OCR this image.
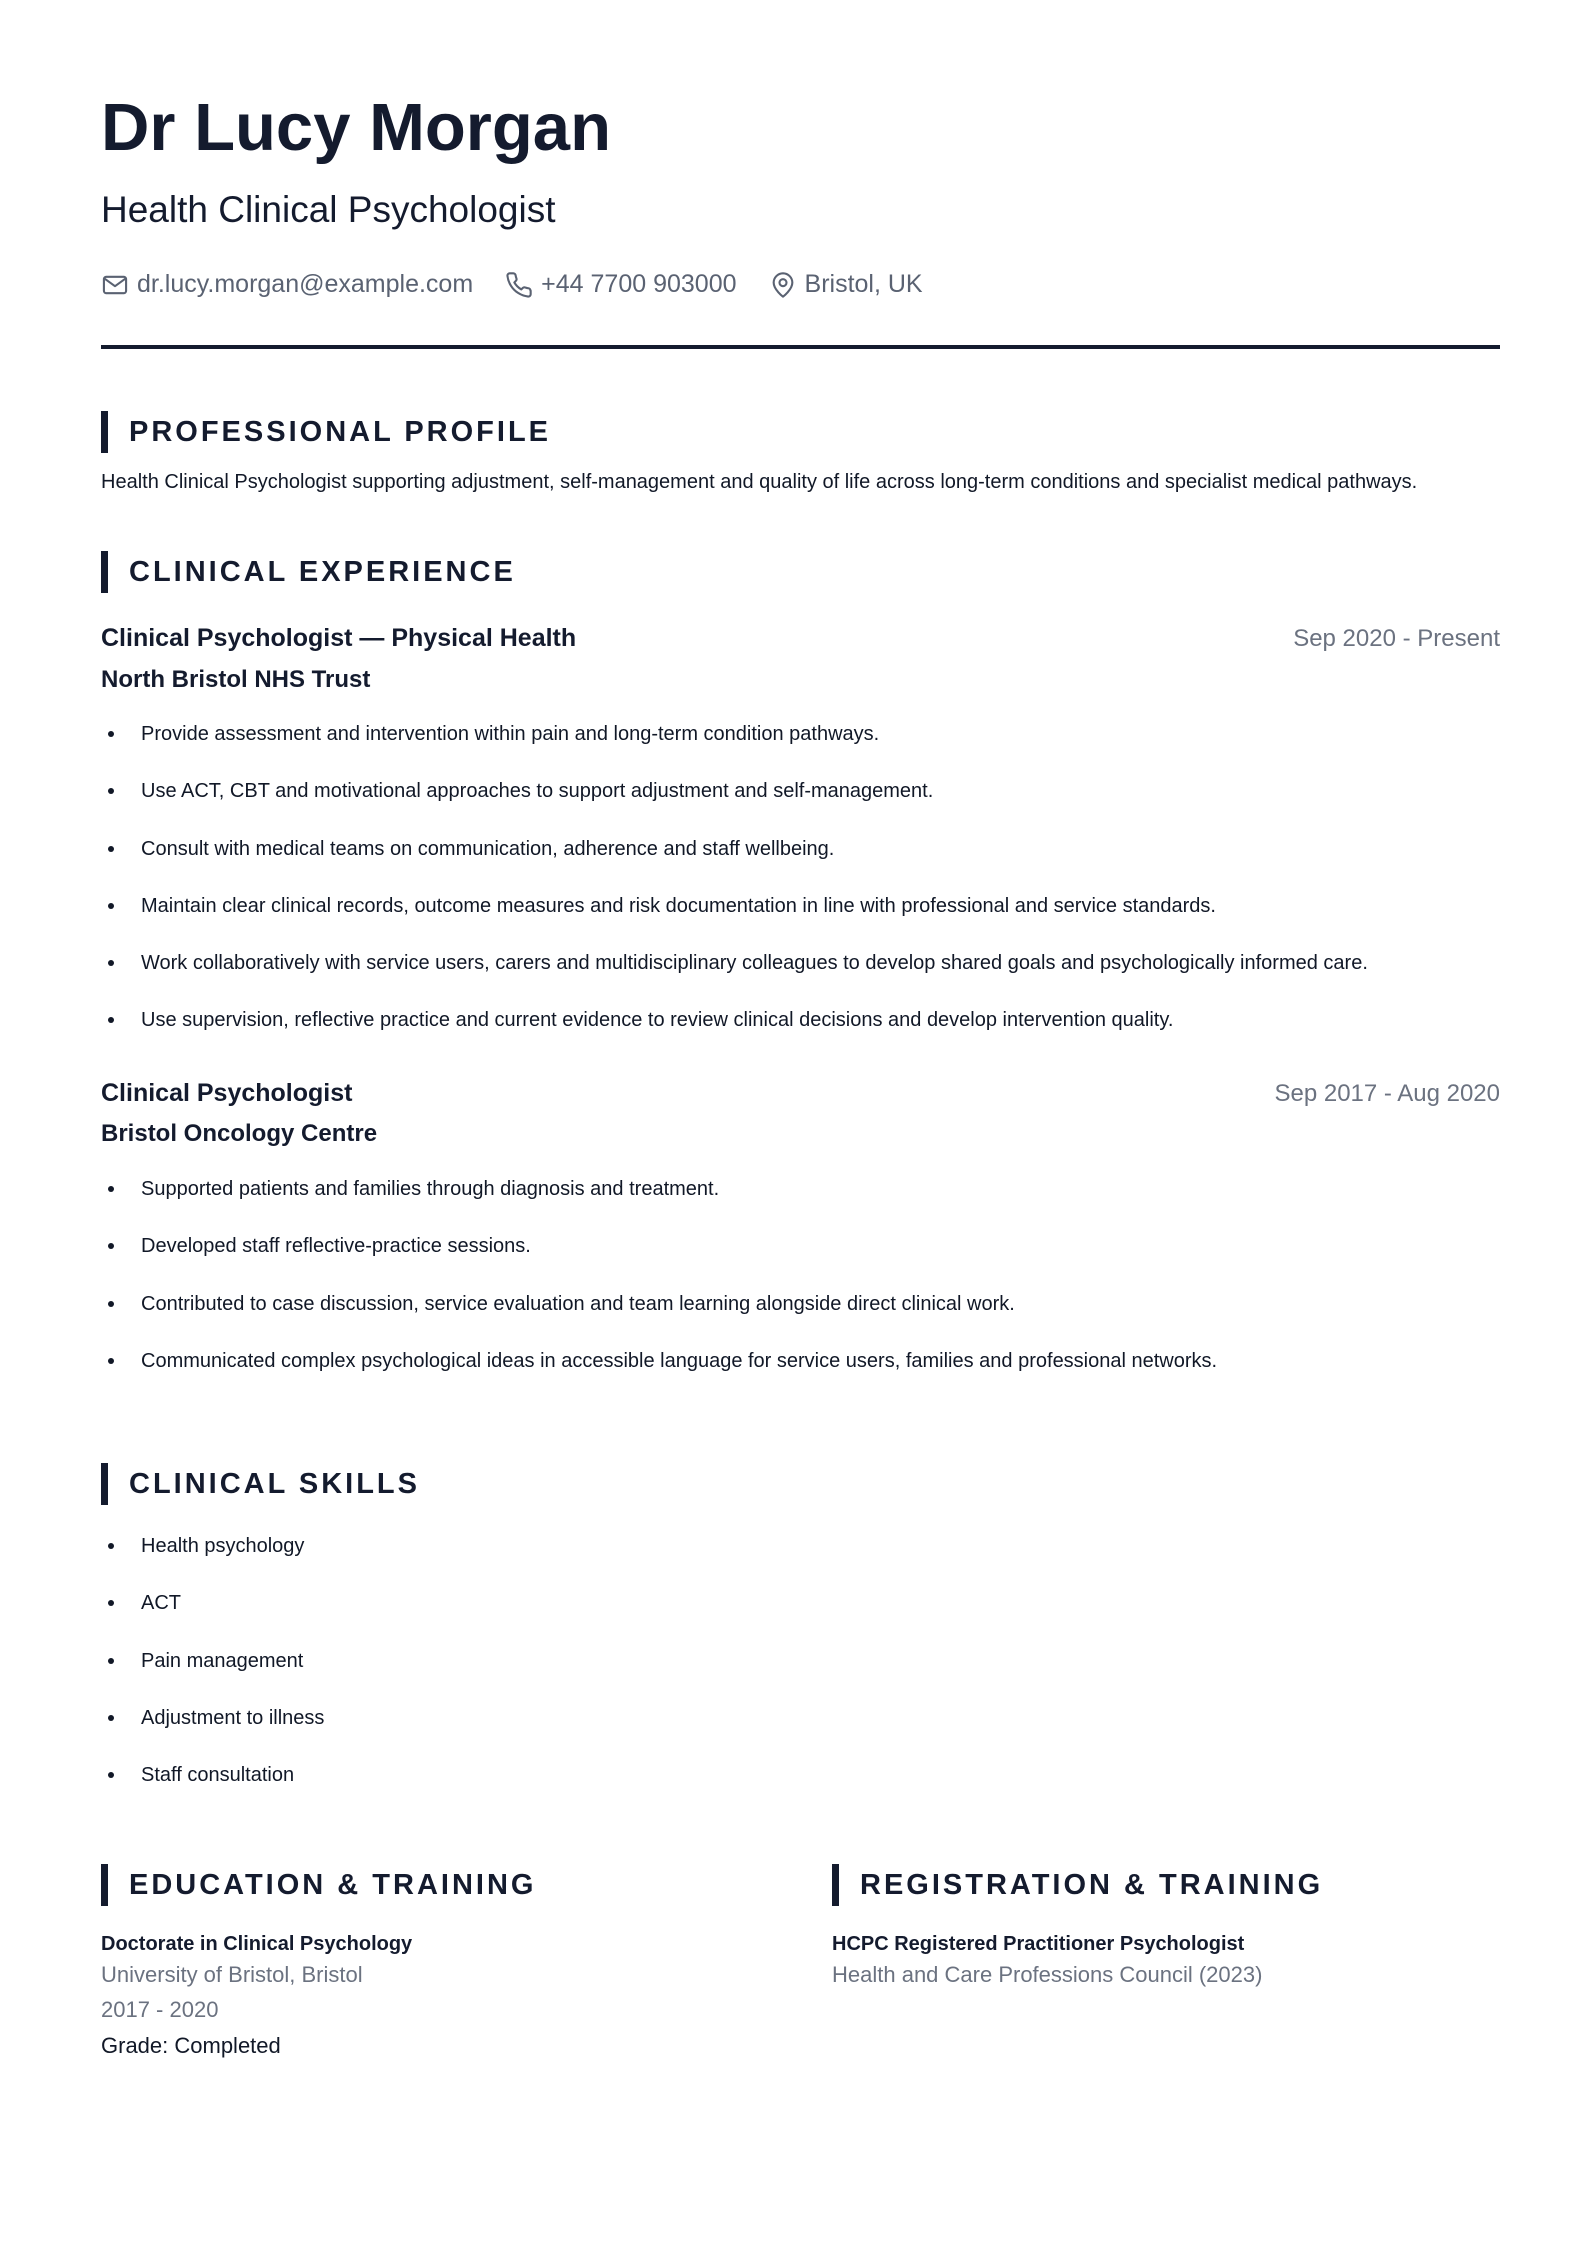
Dr Lucy Morgan
Health Clinical Psychologist
dr.lucy.morgan@example.com	+44 7700 903000	Bristol, UK
PROFESSIONAL PROFILE
Health Clinical Psychologist supporting adjustment, self-management and quality of life across long-term conditions and specialist medical pathways.
CLINICAL EXPERIENCE
Clinical Psychologist — Physical Health	Sep 2020 - Present
North Bristol NHS Trust
Provide assessment and intervention within pain and long-term condition pathways.
Use ACT, CBT and motivational approaches to support adjustment and self-management.
Consult with medical teams on communication, adherence and staff wellbeing.
Maintain clear clinical records, outcome measures and risk documentation in line with professional and service standards.
Work collaboratively with service users, carers and multidisciplinary colleagues to develop shared goals and psychologically informed care.
Use supervision, reflective practice and current evidence to review clinical decisions and develop intervention quality.
Clinical Psychologist	Sep 2017 - Aug 2020
Bristol Oncology Centre
Supported patients and families through diagnosis and treatment.
Developed staff reflective-practice sessions.
Contributed to case discussion, service evaluation and team learning alongside direct clinical work.
Communicated complex psychological ideas in accessible language for service users, families and professional networks.
CLINICAL SKILLS
Health psychology
ACT
Pain management
Adjustment to illness
Staff consultation
EDUCATION & TRAINING
Doctorate in Clinical Psychology
University of Bristol, Bristol
2017 - 2020
Grade: Completed
REGISTRATION & TRAINING
HCPC Registered Practitioner Psychologist
Health and Care Professions Council (2023)
